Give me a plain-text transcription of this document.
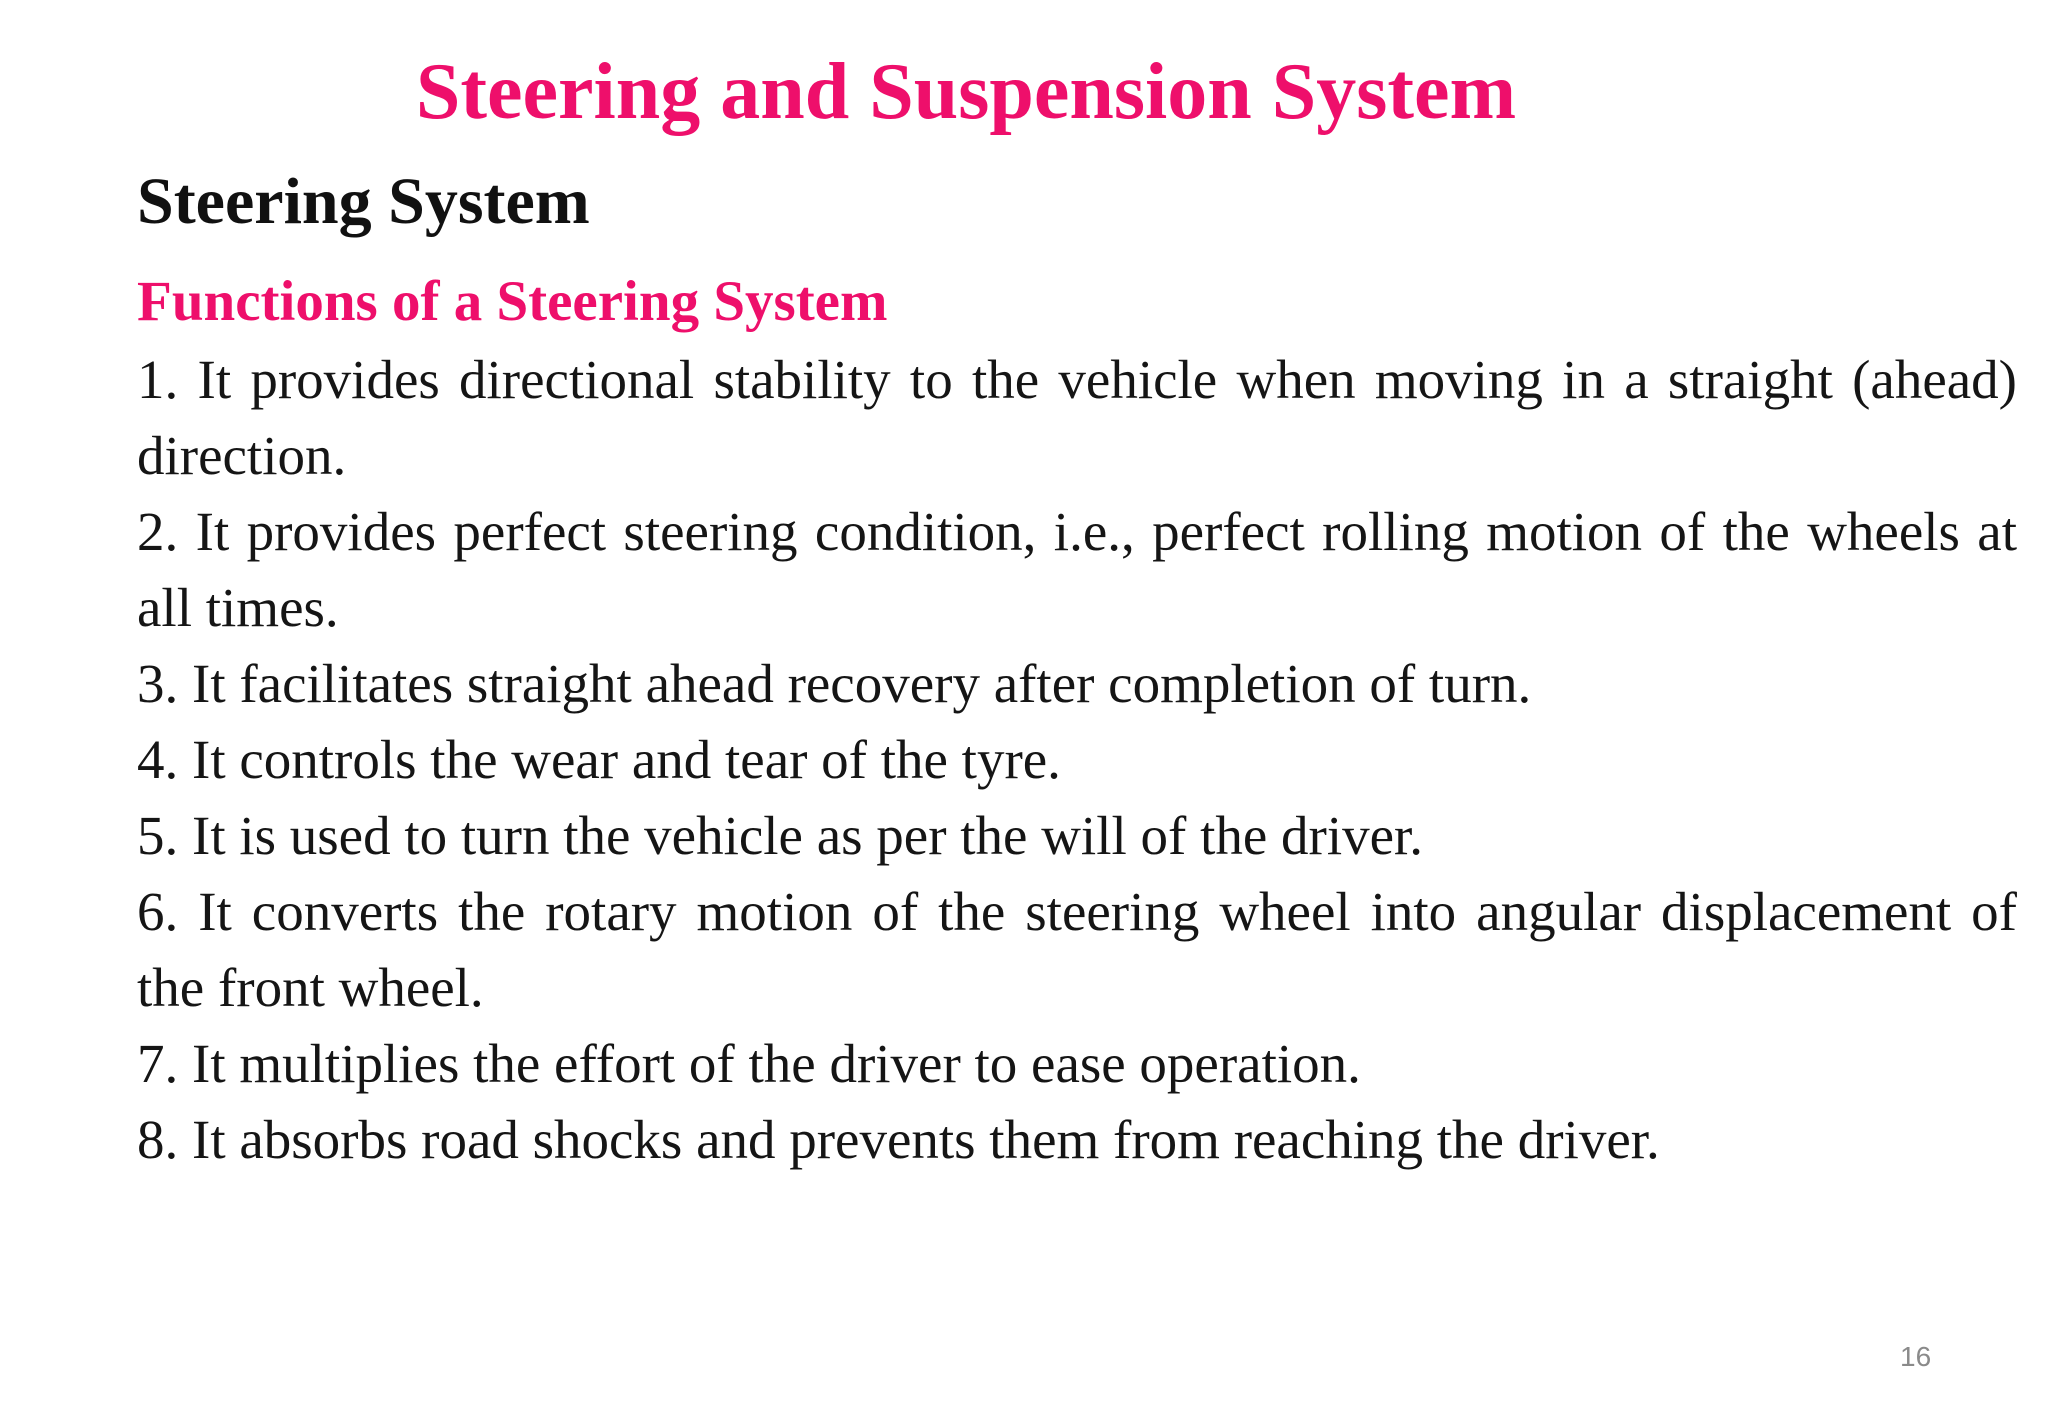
Steering and Suspension System
Steering System
Functions of a Steering System

1. It provides directional stability to the vehicle when moving in a straight (ahead) direction.

2. It provides perfect steering condition, i.e., perfect rolling motion of the wheels at all times.

3. It facilitates straight ahead recovery after completion of turn.

4. It controls the wear and tear of the tyre.

5. It is used to turn the vehicle as per the will of the driver.

6. It converts the rotary motion of the steering wheel into angular displacement of the front wheel.

7. It multiplies the effort of the driver to ease operation.

8. It absorbs road shocks and prevents them from reaching the driver.

16
